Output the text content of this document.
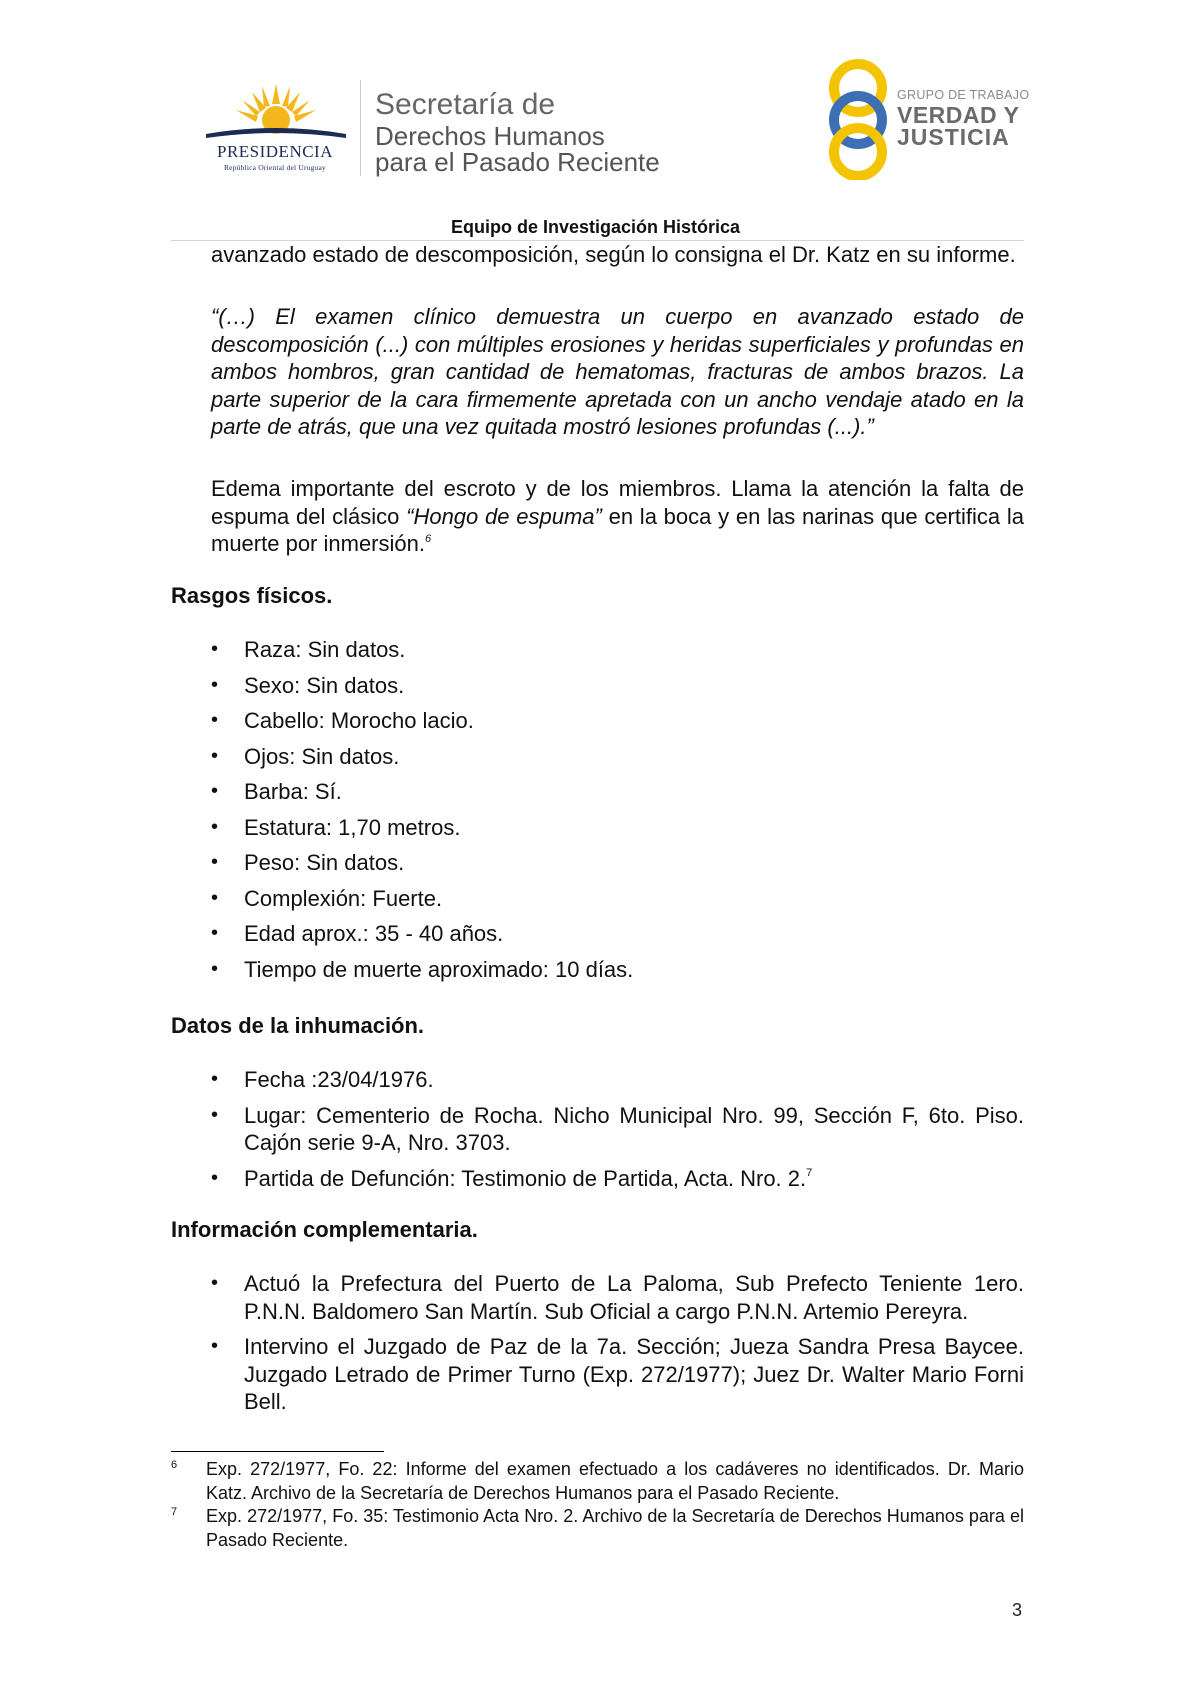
PRESIDENCIA
República Oriental del Uruguay
Secretaría de
Derechos Humanos
para el Pasado Reciente
GRUPO DE TRABAJO
VERDAD Y
JUSTICIA
Equipo de Investigación Histórica

avanzado estado de descomposición, según lo consigna el Dr. Katz en su informe.

“(…) El examen clínico demuestra un cuerpo en avanzado estado de descomposición (...) con múltiples erosiones y heridas superficiales y profundas en ambos hombros, gran cantidad de hematomas, fracturas de ambos brazos. La parte superior de la cara firmemente apretada con un ancho vendaje atado en la parte de atrás, que una vez quitada mostró lesiones profundas (...).”

Edema importante del escroto y de los miembros. Llama la atención la falta de espuma del clásico “Hongo de espuma” en la boca y en las narinas que certifica la muerte por inmersión.$^6$

Rasgos físicos.
• Raza: Sin datos.
• Sexo: Sin datos.
• Cabello: Morocho lacio.
• Ojos: Sin datos.
• Barba: Sí.
• Estatura: 1,70 metros.
• Peso: Sin datos.
• Complexión: Fuerte.
• Edad aprox.: 35 - 40 años.
• Tiempo de muerte aproximado: 10 días.
Datos de la inhumación.
• Fecha :23/04/1976.
• Lugar: Cementerio de Rocha. Nicho Municipal Nro. 99, Sección F, 6to. Piso. Cajón serie 9-A, Nro. 3703.
• Partida de Defunción: Testimonio de Partida, Acta. Nro. 2.$^7$
Información complementaria.
• Actuó la Prefectura del Puerto de La Paloma, Sub Prefecto Teniente 1ero. P.N.N. Baldomero San Martín. Sub Oficial a cargo P.N.N. Artemio Pereyra.
• Intervino el Juzgado de Paz de la 7a. Sección; Jueza Sandra Presa Baycee. Juzgado Letrado de Primer Turno (Exp. 272/1977); Juez Dr. Walter Mario Forni Bell.
6 Exp. 272/1977, Fo. 22: Informe del examen efectuado a los cadáveres no identificados. Dr. Mario Katz. Archivo de la Secretaría de Derechos Humanos para el Pasado Reciente.
7 Exp. 272/1977, Fo. 35: Testimonio Acta Nro. 2. Archivo de la Secretaría de Derechos Humanos para el Pasado Reciente.
3
